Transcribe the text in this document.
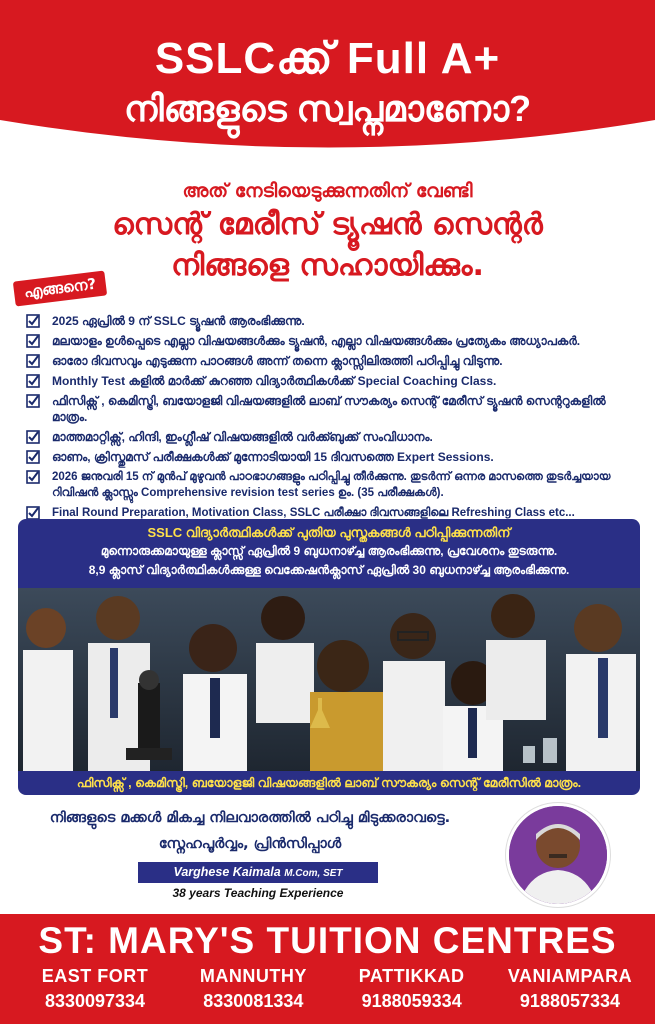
SSLCക്ക് Full A+
നിങ്ങളുടെ സ്വപ്നമാണോ?
അത് നേടിയെടുക്കുന്നതിന് വേണ്ടി
സെന്റ് മേരീസ് ട്യൂഷൻ സെന്റർ
നിങ്ങളെ സഹായിക്കും.
എങ്ങനെ?
2025 ഏപ്രിൽ 9 ന് SSLC ട്യൂഷൻ ആരംഭിക്കുന്നു.
മലയാളം ഉൾപ്പെടെ എല്ലാ വിഷയങ്ങൾക്കും ട്യൂഷൻ, എല്ലാ വിഷയങ്ങൾക്കും പ്രത്യേകം അധ്യാപകർ.
ഓരോ ദിവസവും എടുക്കുന്ന പാഠങ്ങൾ അന്ന് തന്നെ ക്ലാസ്സിലിരുത്തി പഠിപ്പിച്ചു വിടുന്നു.
Monthly Test കളിൽ മാർക്ക് കുറഞ്ഞ വിദ്യാർത്ഥികൾക്ക് Special Coaching Class.
ഫിസിക്സ് , കെമിസ്ട്രി, ബയോളജി വിഷയങ്ങളിൽ ലാബ് സൗകര്യം സെന്റ് മേരീസ് ട്യൂഷൻ സെന്ററുകളിൽ മാത്രം.
മാത്തമാറ്റിക്സ്, ഹിന്ദി, ഇംഗ്ലീഷ് വിഷയങ്ങളിൽ വർക്ക്ബുക്ക് സംവിധാനം.
ഓണം, ക്രിസ്തുമസ് പരീക്ഷകൾക്ക് മുന്നോടിയായി 15 ദിവസത്തെ Expert Sessions.
2026 ജനുവരി 15 ന് മുൻപ് മുഴുവൻ പാഠഭാഗങ്ങളും പഠിപ്പിച്ചു തീർക്കുന്നു. തുടർന്ന് ഒന്നര മാസത്തെ തുടർച്ചയായ റിവിഷൻ ക്ലാസ്സും Comprehensive revision test series ഉം. (35 പരീക്ഷകൾ).
Final Round Preparation, Motivation Class, SSLC പരീക്ഷാ ദിവസങ്ങളിലെ Refreshing Class etc...
SSLC വിദ്യാർത്ഥികൾക്ക് പുതിയ പുസ്തകങ്ങൾ പഠിപ്പിക്കുന്നതിന്
മുന്നൊരുക്കമായുള്ള ക്ലാസ്സ് ഏപ്രിൽ 9 ബുധനാഴ്ച്ച ആരംഭിക്കുന്നു, പ്രവേശനം തുടരുന്നു.
8,9 ക്ലാസ് വിദ്യാർത്ഥികൾക്കുള്ള വെക്കേഷൻക്ലാസ് ഏപ്രിൽ 30 ബുധനാഴ്ച്ച ആരംഭിക്കുന്നു.
ഫിസിക്സ് , കെമിസ്ട്രി, ബയോളജി വിഷയങ്ങളിൽ ലാബ് സൗകര്യം സെന്റ് മേരീസിൽ മാത്രം.
നിങ്ങളുടെ മക്കൾ മികച്ച നിലവാരത്തിൽ പഠിച്ചു മിടുക്കരാവട്ടെ.
സ്നേഹപൂർവ്വം, പ്രിൻസിപ്പാൾ
Varghese Kaimala M.Com, SET
38 years Teaching Experience
ST: MARY'S TUITION CENTRES
EAST FORT
8330097334
MANNUTHY
8330081334
PATTIKKAD
9188059334
VANIAMPARA
9188057334
